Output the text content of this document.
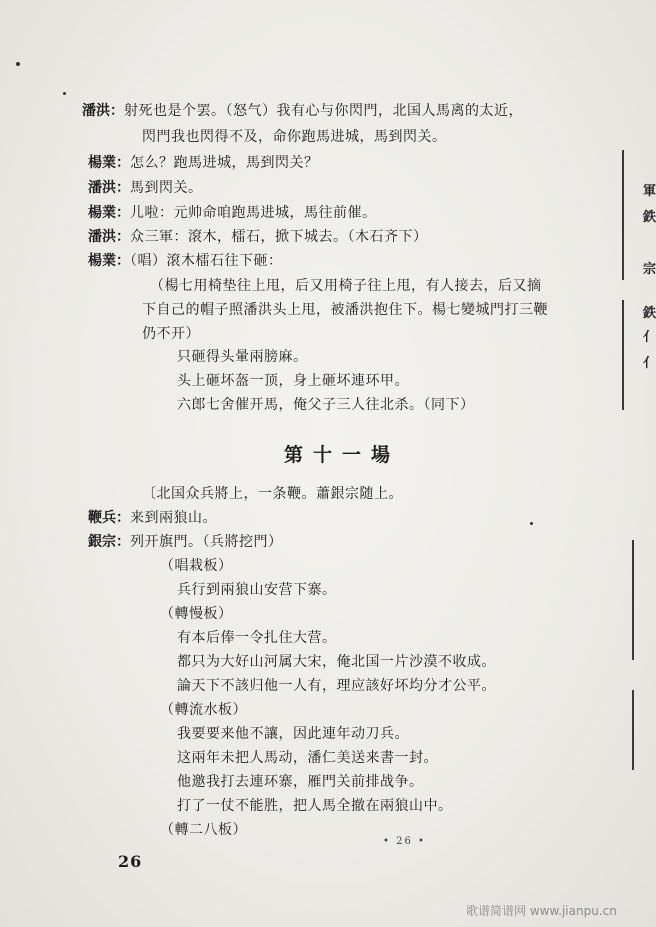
潘洪：射死也是个罢。（怒气）我有心与你閃門，北国人馬离的太近，
閃門我也閃得不及，命你跑馬进城，馬到閃关。
楊業：怎么？跑馬进城，馬到閃关？
潘洪：馬到閃关。
楊業：儿啦：元帅命咱跑馬进城，馬往前催。
潘洪：众三軍：滾木，檑石，掀下城去。（木石齐下）
楊業：（唱）滾木檑石往下砸：
（楊七用椅垫往上甩，后又用椅子往上甩，有人接去，后又摘
下自己的帽子照潘洪头上甩，被潘洪抱住下。楊七變城門打三鞭
仍不开）
只砸得头暈兩膀麻。
头上砸坏盔一顶，身上砸坏連环甲。
六郎七舍催开馬，俺父子三人往北杀。（同下）
第十一場
〔北国众兵將上，一条鞭。蕭銀宗随上。
鞭兵：来到兩狼山。
銀宗：列开旗門。（兵將挖門）
（唱栽板）
兵行到兩狼山安营下寨。
（轉慢板）
有本后俸一令扎住大营。
都只为大好山河属大宋，俺北国一片沙漠不收成。
論天下不該归他一人有，理应該好坏均分才公平。
（轉流水板）
我要要来他不讓，因此連年动刀兵。
这兩年未把人馬动，潘仁美送来書一封。
他邀我打去連环寨，雁門关前排战争。
打了一仗不能胜，把人馬全撤在兩狼山中。
（轉二八板）
26
• 26 •
軍
鉄
宗
鉄
亻
亻
歌谱简谱网 www.jianpu.cn
